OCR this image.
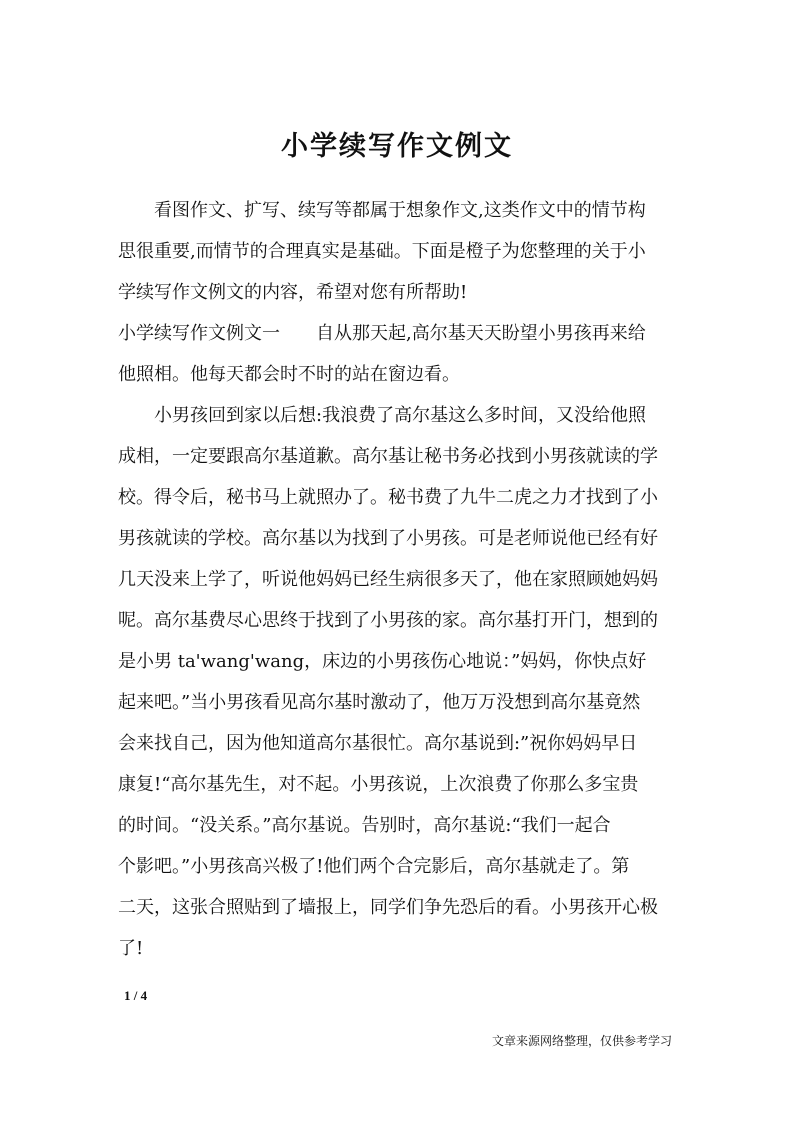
小学续写作文例文
　　看图作文、扩写、续写等都属于想象作文,这类作文中的情节构
思很重要,而情节的合理真实是基础。下面是橙子为您整理的关于小
学续写作文例文的内容，希望对您有所帮助!
小学续写作文例文一　　自从那天起,高尔基天天盼望小男孩再来给
他照相。他每天都会时不时的站在窗边看。
　　小男孩回到家以后想:我浪费了高尔基这么多时间，又没给他照
成相，一定要跟高尔基道歉。高尔基让秘书务必找到小男孩就读的学
校。得令后，秘书马上就照办了。秘书费了九牛二虎之力才找到了小
男孩就读的学校。高尔基以为找到了小男孩。可是老师说他已经有好
几天没来上学了，听说他妈妈已经生病很多天了，他在家照顾她妈妈
呢。高尔基费尽心思终于找到了小男孩的家。高尔基打开门，想到的
是小男 ta'wang'wang，床边的小男孩伤心地说：”妈妈，你快点好
起来吧。”当小男孩看见高尔基时激动了，他万万没想到高尔基竟然
会来找自己，因为他知道高尔基很忙。高尔基说到:”祝你妈妈早日
康复!“高尔基先生，对不起。小男孩说，上次浪费了你那么多宝贵
的时间。“没关系。”高尔基说。告别时，高尔基说:“我们一起合
个影吧。”小男孩高兴极了!他们两个合完影后，高尔基就走了。第
二天，这张合照贴到了墙报上，同学们争先恐后的看。小男孩开心极
了!
1 / 4
文章来源网络整理，仅供参考学习
